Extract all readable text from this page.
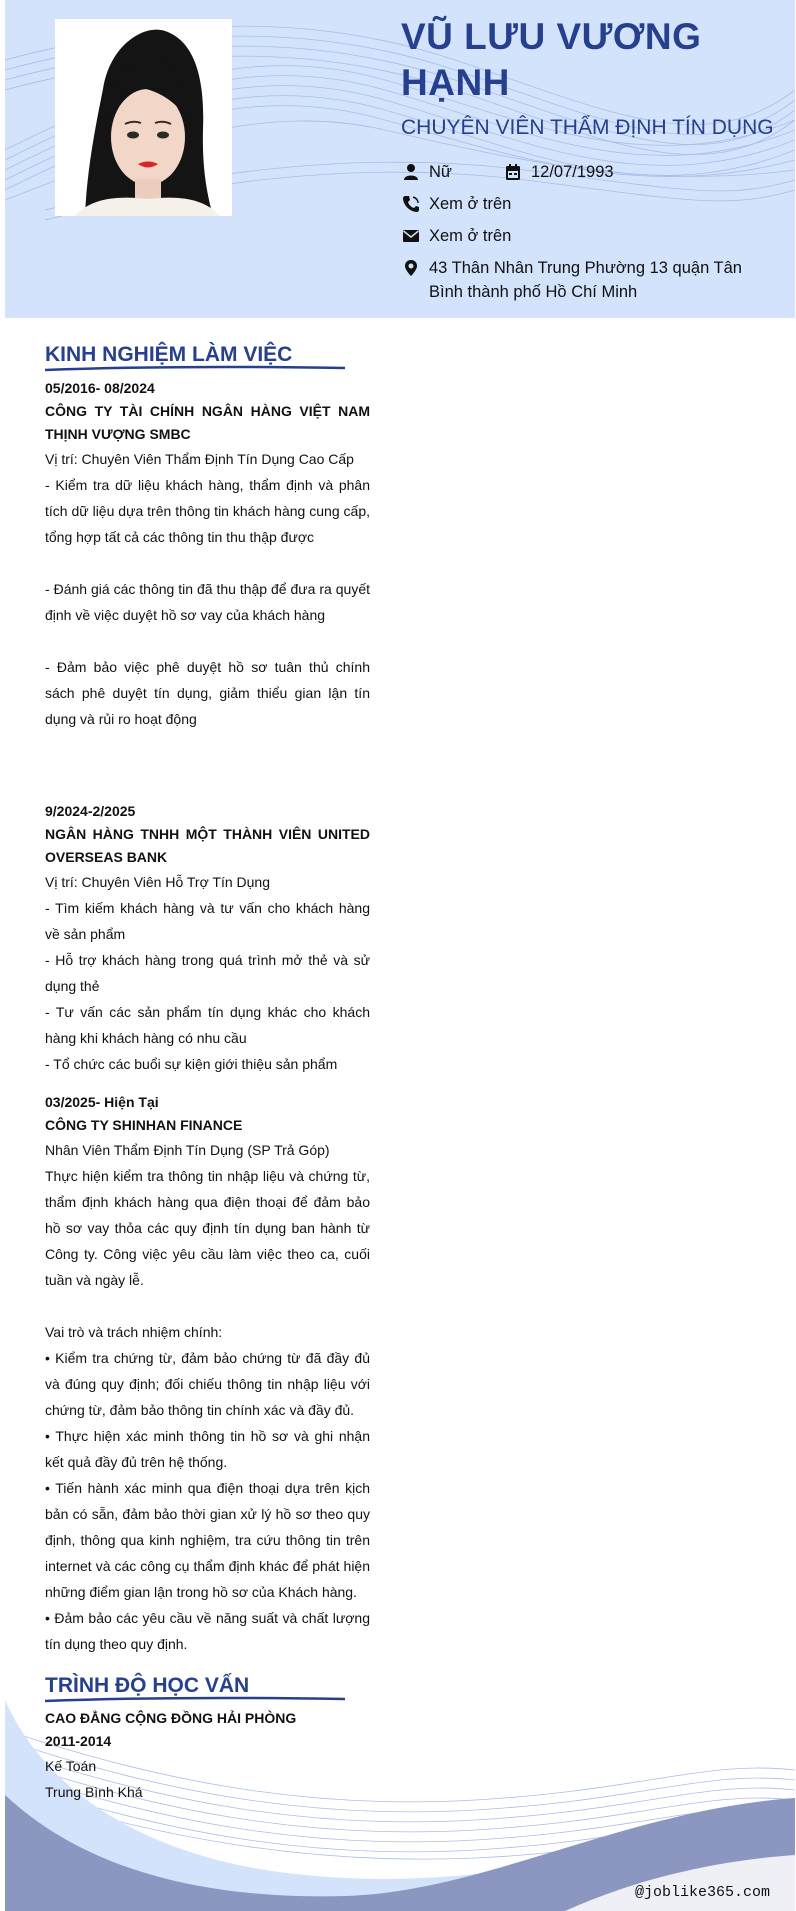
VŨ LƯU VƯƠNG HẠNH
CHUYÊN VIÊN THẨM ĐỊNH TÍN DỤNG
Nữ	12/07/1993
Xem ở trên
Xem ở trên
43 Thân Nhân Trung Phường 13 quận Tân Bình thành phố Hồ Chí Minh
KINH NGHIỆM LÀM VIỆC
05/2016- 08/2024
CÔNG TY TÀI CHÍNH NGÂN HÀNG VIỆT NAM THỊNH VƯỢNG SMBC
Vị trí: Chuyên Viên Thẩm Định Tín Dụng Cao Cấp
- Kiểm tra dữ liệu khách hàng, thẩm định và phân tích dữ liệu dựa trên thông tin khách hàng cung cấp, tổng hợp tất cả các thông tin thu thập được
- Đánh giá các thông tin đã thu thập để đưa ra quyết định về việc duyệt hồ sơ vay của khách hàng
- Đảm bảo việc phê duyệt hồ sơ tuân thủ chính sách phê duyệt tín dụng, giảm thiểu gian lận tín dụng và rủi ro hoạt động
9/2024-2/2025
NGÂN HÀNG TNHH MỘT THÀNH VIÊN UNITED OVERSEAS BANK
Vị trí: Chuyên Viên Hỗ Trợ Tín Dụng
- Tìm kiếm khách hàng và tư vấn cho khách hàng về sản phẩm
- Hỗ trợ khách hàng trong quá trình mở thẻ và sử dụng thẻ
- Tư vấn các sản phẩm tín dụng khác cho khách hàng khi khách hàng có nhu cầu
- Tổ chức các buổi sự kiện giới thiệu sản phẩm
03/2025- Hiện Tại
CÔNG TY SHINHAN FINANCE
Nhân Viên Thẩm Định Tín Dụng (SP Trả Góp)
Thực hiện kiểm tra thông tin nhập liệu và chứng từ, thẩm định khách hàng qua điện thoại để đảm bảo hồ sơ vay thỏa các quy định tín dụng ban hành từ Công ty. Công việc yêu cầu làm việc theo ca, cuối tuần và ngày lễ.
Vai trò và trách nhiệm chính:
• Kiểm tra chứng từ, đảm bảo chứng từ đã đầy đủ và đúng quy định; đối chiếu thông tin nhập liệu với chứng từ, đảm bảo thông tin chính xác và đầy đủ.
• Thực hiện xác minh thông tin hồ sơ và ghi nhận kết quả đầy đủ trên hệ thống.
• Tiến hành xác minh qua điện thoại dựa trên kịch bản có sẵn, đảm bảo thời gian xử lý hồ sơ theo quy định, thông qua kinh nghiệm, tra cứu thông tin trên internet và các công cụ thẩm định khác để phát hiện những điểm gian lận trong hồ sơ của Khách hàng.
• Đảm bảo các yêu cầu về năng suất và chất lượng tín dụng theo quy định.
TRÌNH ĐỘ HỌC VẤN
CAO ĐẲNG CỘNG ĐỒNG HẢI PHÒNG
2011-2014
Kế Toán
Trung Bình Khá
@joblike365.com
